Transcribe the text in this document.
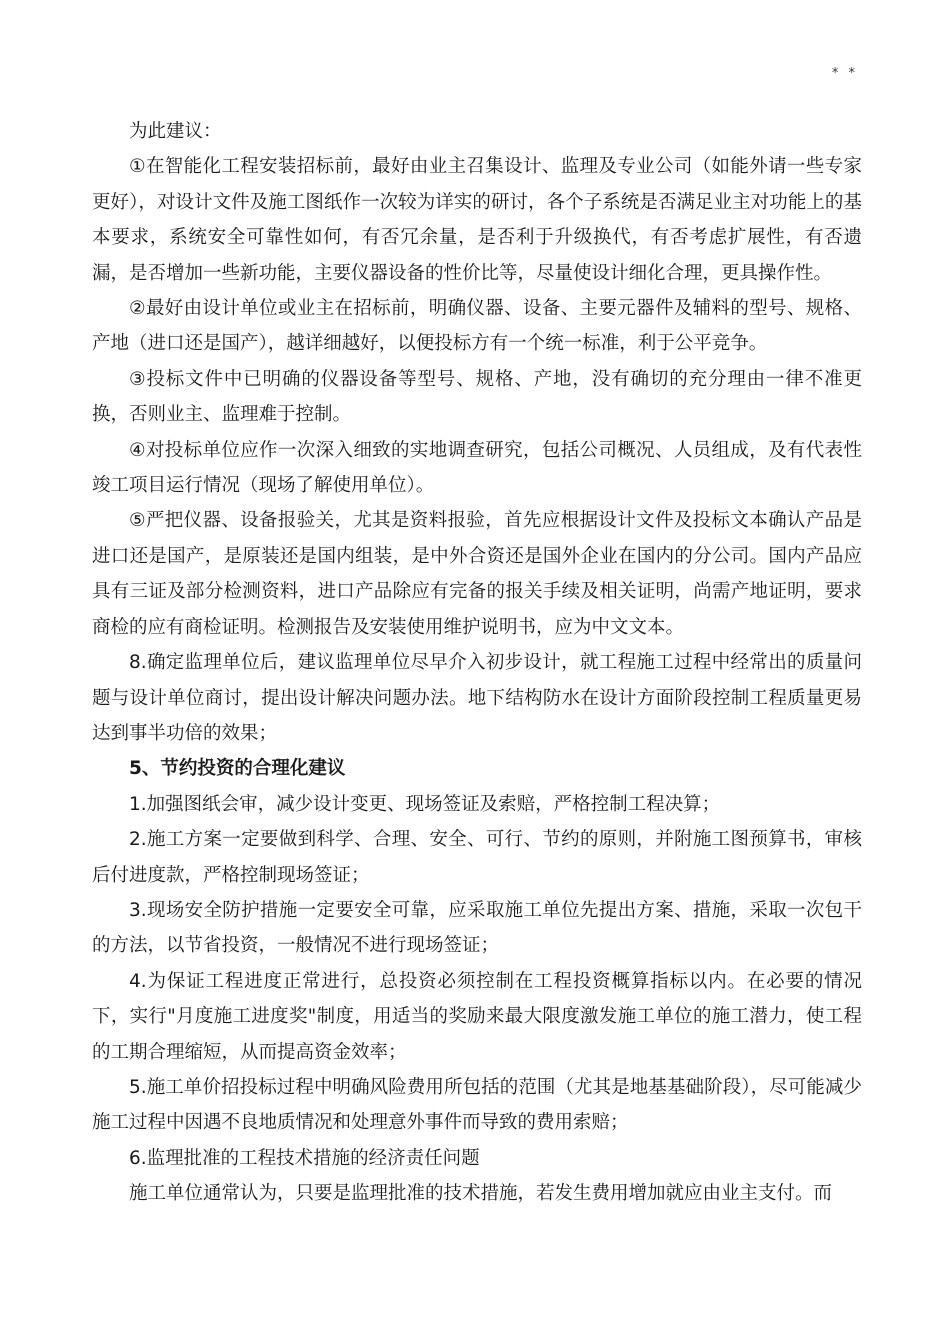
* *

为此建议：

①在智能化工程安装招标前，最好由业主召集设计、监理及专业公司（如能外请一些专家更好），对设计文件及施工图纸作一次较为详实的研讨，各个子系统是否满足业主对功能上的基本要求，系统安全可靠性如何，有否冗余量，是否利于升级换代，有否考虑扩展性，有否遗漏，是否增加一些新功能，主要仪器设备的性价比等，尽量使设计细化合理，更具操作性。

②最好由设计单位或业主在招标前，明确仪器、设备、主要元器件及辅料的型号、规格、产地（进口还是国产），越详细越好，以便投标方有一个统一标准，利于公平竞争。

③投标文件中已明确的仪器设备等型号、规格、产地，没有确切的充分理由一律不准更换，否则业主、监理难于控制。

④对投标单位应作一次深入细致的实地调查研究，包括公司概况、人员组成，及有代表性竣工项目运行情况（现场了解使用单位）。

⑤严把仪器、设备报验关，尤其是资料报验，首先应根据设计文件及投标文本确认产品是进口还是国产，是原装还是国内组装，是中外合资还是国外企业在国内的分公司。国内产品应具有三证及部分检测资料，进口产品除应有完备的报关手续及相关证明，尚需产地证明，要求商检的应有商检证明。检测报告及安装使用维护说明书，应为中文文本。

8.确定监理单位后，建议监理单位尽早介入初步设计，就工程施工过程中经常出的质量问题与设计单位商讨，提出设计解决问题办法。地下结构防水在设计方面阶段控制工程质量更易达到事半功倍的效果；

5、节约投资的合理化建议

1.加强图纸会审，减少设计变更、现场签证及索赔，严格控制工程决算；

2.施工方案一定要做到科学、合理、安全、可行、节约的原则，并附施工图预算书，审核后付进度款，严格控制现场签证；

3.现场安全防护措施一定要安全可靠，应采取施工单位先提出方案、措施，采取一次包干的方法，以节省投资，一般情况不进行现场签证；

4.为保证工程进度正常进行，总投资必须控制在工程投资概算指标以内。在必要的情况下，实行"月度施工进度奖"制度，用适当的奖励来最大限度激发施工单位的施工潜力，使工程的工期合理缩短，从而提高资金效率；

5.施工单价招投标过程中明确风险费用所包括的范围（尤其是地基基础阶段），尽可能减少施工过程中因遇不良地质情况和处理意外事件而导致的费用索赔；

6.监理批准的工程技术措施的经济责任问题

施工单位通常认为，只要是监理批准的技术措施，若发生费用增加就应由业主支付。而
